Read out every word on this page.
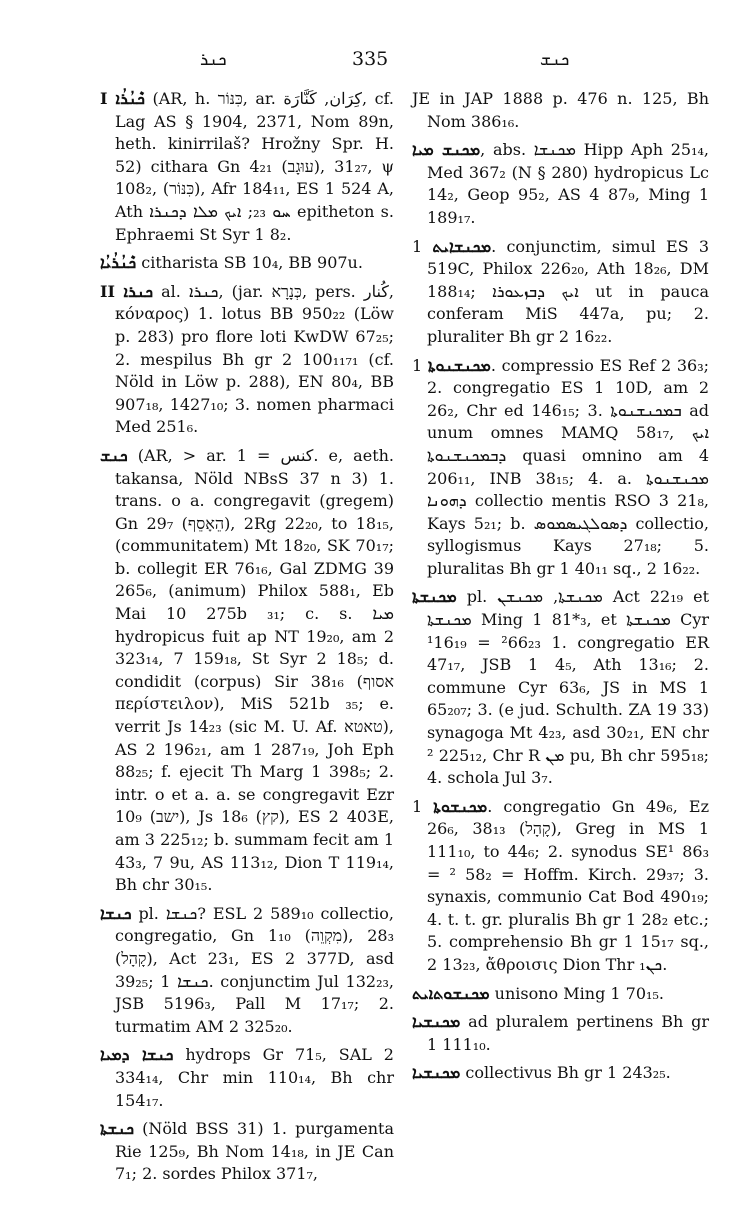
ܟܢܪ	335	ܟܢܫ

I ܟܶܢܳܪܳܐ (AR, h. כִּנּוֹר, ar. كِرَان, كَنَّارَة, cf. Lag AS § 1904, 2371, Nom 89n, heth. kinirrilaš? Hrožny Spr. H. 52) cithara Gn 4₂₁ (עוּגָב), 31₂₇, ψ 108₂, (כִּנּוֹר), Afr 184₁₁, ES 1 524 A, Ath ܚܘ ₂₃; ܐܝܟ ܡܠܐ ܕܟܢܪܐ epitheton s. Ephraemi St Syr 1 8₂.

ܟܶܢܳܪܳܝܳܐ citharista SB 10₄, BB 907u.

II ܟܢܪܐ al. ܟܢܪܐ, (jar. כְּנָרָא, pers. کُنار, κόναρος) 1. lotus BB 950₂₂ (Löw p. 283) pro flore loti KwDW 67₂₅; 2. mespilus Bh gr 2 100₁₁₇₁ (cf. Nöld in Löw p. 288), EN 80₄, BB 907₁₈, 1427₁₀; 3. nomen pharmaci Med 251₆.

ܟܢܫ (AR, > ar. كنس = 1. e, aeth. takansa, Nöld NBsS 37 n 3) 1. trans. o a. congregavit (gregem) Gn 29₇ (הֵאָסֵף), 2Rg 22₂₀, to 18₁₅, (communitatem) Mt 18₂₀, SK 70₁₇; b. collegit ER 76₁₆, Gal ZDMG 39 265₆, (animum) Philox 588₁, Eb Mai 10 275b ₃₁; c. s. ܡܝܐ hydropicus fuit ap NT 19₂₀, am 2 323₁₄, 7 159₁₈, St Syr 2 18₅; d. condidit (corpus) Sir 38₁₆ (אסוף περίστειλον), MiS 521b ₃₅; e. verrit Js 14₂₃ (sic M. U. Af. טאטא), AS 2 196₂₁, am 1 287₁₉, Joh Eph 88₂₅; f. ejecit Th Marg 1 398₅; 2. intr. o et a. a. se congregavit Ezr 10₉ (ישב), Js 18₆ (קץ), ES 2 403E, am 3 225₁₂; b. summam fecit am 1 43₃, 7 9u, AS 113₁₂, Dion T 119₁₄, Bh chr 30₁₅.

ܟܢܫܐ pl. ܟܢܫܐ? ESL 2 589₁₀ collectio, congregatio, Gn 1₁₀ (מִקְוֵה), 28₃ (קָהָל), Act 23₁, ES 2 377D, asd 39₂₅; ܟܢܫܐ 1. conjunctim Jul 132₂₃, JSB 5196₃, Pall M 17₁₇; 2. turmatim AM 2 325₂₀.

ܟܢܫܐ ܕܡܝܐ hydrops Gr 71₅, SAL 2 334₁₄, Chr min 110₁₄, Bh chr 154₁₇.

ܟܢܫܬܐ (Nöld BSS 31) 1. purgamenta Rie 125₉, Bh Nom 14₁₈, in JE Can 7₁; 2. sordes Philox 371₇,

JE in JAP 1888 p. 476 n. 125, Bh Nom 386₁₆.

ܡܟܢܫ ܡܝܐ, abs. ܡܟܢܫܐ Hipp Aph 25₁₄, Med 367₂ (N § 280) hydropicus Lc 14₂, Geop 95₂, AS 4 87₉, Ming 1 189₁₇.

ܡܟܢܫܐܝܬ 1. conjunctim, simul ES 3 519C, Philox 226₂₀, Ath 18₂₆, DM 188₁₄; ܐܝܟ ܕܒܙܥܘܪܐ ut in pauca conferam MiS 447a, pu; 2. pluraliter Bh gr 2 16₂₂.

ܡܟܢܫܢܘܬܐ 1. compressio ES Ref 2 36₃; 2. congregatio ES 1 10D, am 2 26₂, Chr ed 146₁₅; 3. ܒܡܟܢܫܢܘܬܐ ad unum omnes MAMQ 58₁₇, ܐܝܟ ܕܒܡܟܢܫܢܘܬܐ quasi omnino am 4 206₁₁, INB 38₁₅; 4. a. ܡܟܢܫܢܘܬܐ ܕܗܘܢܐ collectio mentis RSO 3 21₈, Kays 5₂₁; b. ܕܣܘܠܓܝܣܡܘܣ collectio, syllogismus Kays 27₁₈; 5. pluralitas Bh gr 1 40₁₁ sq., 2 16₂₂.

ܡܟܢܫܬܐ pl. ܡܟܢܫܬܐ, ܡܟܢܫܢ Act 22₁₉ et ܡܟܢܫܬܐ Ming 1 81*₃, et ܡܟܢܫܬܐ Cyr ¹16₁₉ = ²66₂₃ 1. congregatio ER 47₁₇, JSB 1 4₅, Ath 13₁₆; 2. commune Cyr 63₆, JS in MS 1 65₂₀₇; 3. (e jud. Schulth. ZA 19 33) synagoga Mt 4₂₃, asd 30₂₁, EN chr ² 225₁₂, Chr R ܡܢ pu, Bh chr 595₁₈; 4. schola Jul 3₇.

ܡܟܢܫܘܬܐ 1. congregatio Gn 49₆, Ez 26₆, 38₁₃ (קָהָל), Greg in MS 1 111₁₀, to 44₆; 2. synodus SE¹ 86₃ = ² 58₂ = Hoffm. Kirch. 29₃₇; 3. synaxis, communio Cat Bod 490₁₉; 4. t. t. gr. pluralis Bh gr 1 28₂ etc.; 5. comprehensio Bh gr 1 15₁₇ sq., 2 13₂₃, ἄθροισις Dion Thr ܟܢ₁.

ܡܟܢܫܘܬܐܝܬ unisono Ming 1 70₁₅.

ܡܟܢܫܝܐ ad pluralem pertinens Bh gr 1 111₁₀.

ܡܟܢܫܝܐ collectivus Bh gr 1 243₂₅.
